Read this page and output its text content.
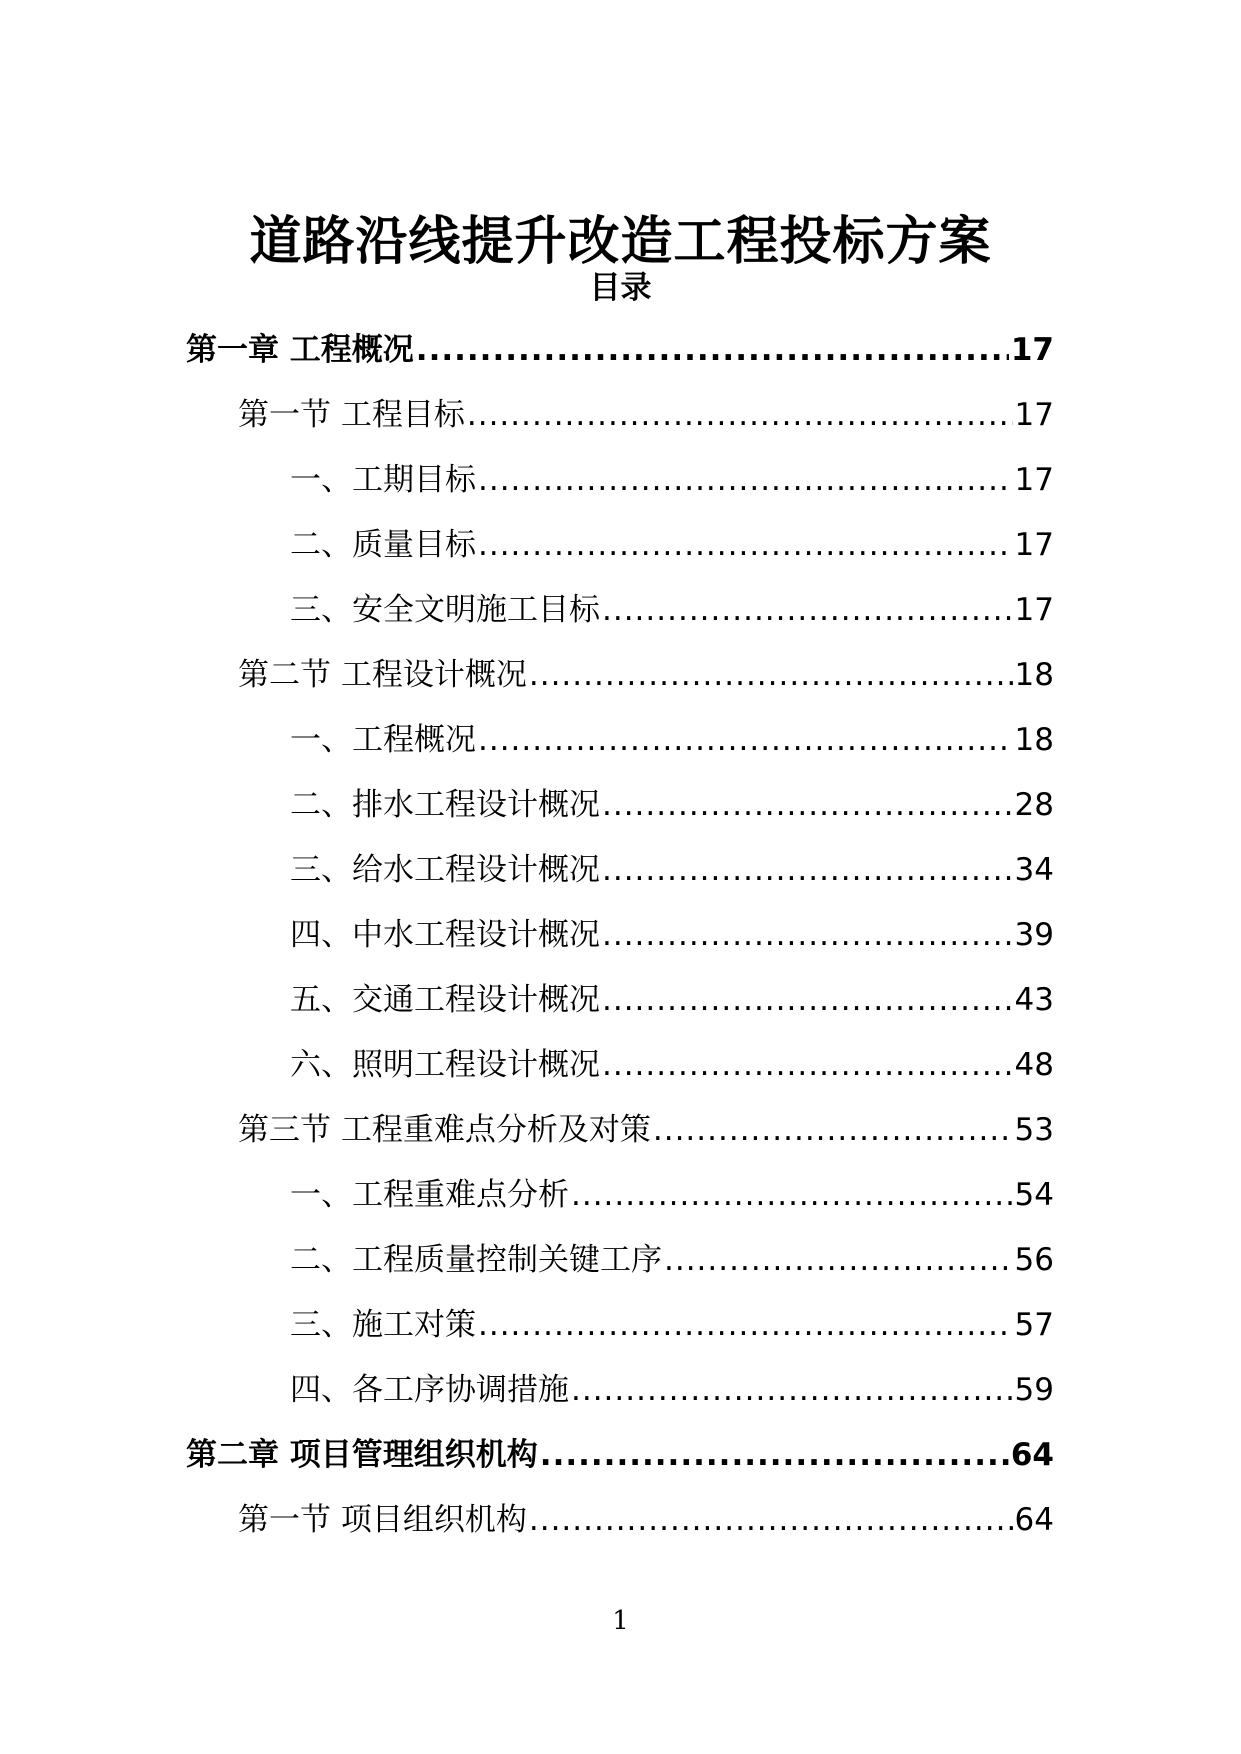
道路沿线提升改造工程投标方案
目录
第一章 工程概况 .....	17
第一节 工程目标 .....	17
一、工期目标 .....	17
二、质量目标 .....	17
三、安全文明施工目标 .....	17
第二节 工程设计概况 .....	18
一、工程概况 .....	18
二、排水工程设计概况 .....	28
三、给水工程设计概况 .....	34
四、中水工程设计概况 .....	39
五、交通工程设计概况 .....	43
六、照明工程设计概况 .....	48
第三节 工程重难点分析及对策 .....	53
一、工程重难点分析 .....	54
二、工程质量控制关键工序 .....	56
三、施工对策 .....	57
四、各工序协调措施 .....	59
第二章 项目管理组织机构 .....	64
第一节 项目组织机构 .....	64
1
